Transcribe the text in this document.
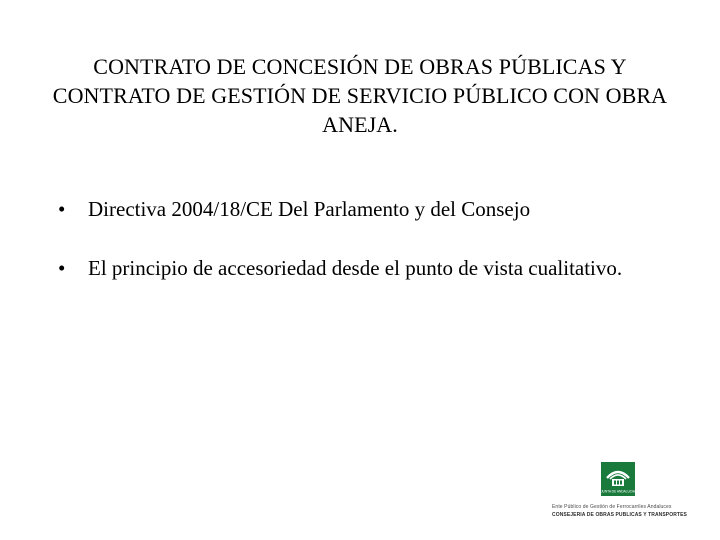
CONTRATO DE CONCESIÓN DE OBRAS PÚBLICAS Y CONTRATO DE GESTIÓN DE SERVICIO PÚBLICO CON OBRA ANEJA.
• Directiva 2004/18/CE Del Parlamento y del Consejo
• El principio de accesoriedad desde el punto de vista cualitativo.
JUNTA DE ANDALUCIA
Ente Público de Gestión de Ferrocarriles Andaluces
CONSEJERÍA DE OBRAS PÚBLICAS Y TRANSPORTES
